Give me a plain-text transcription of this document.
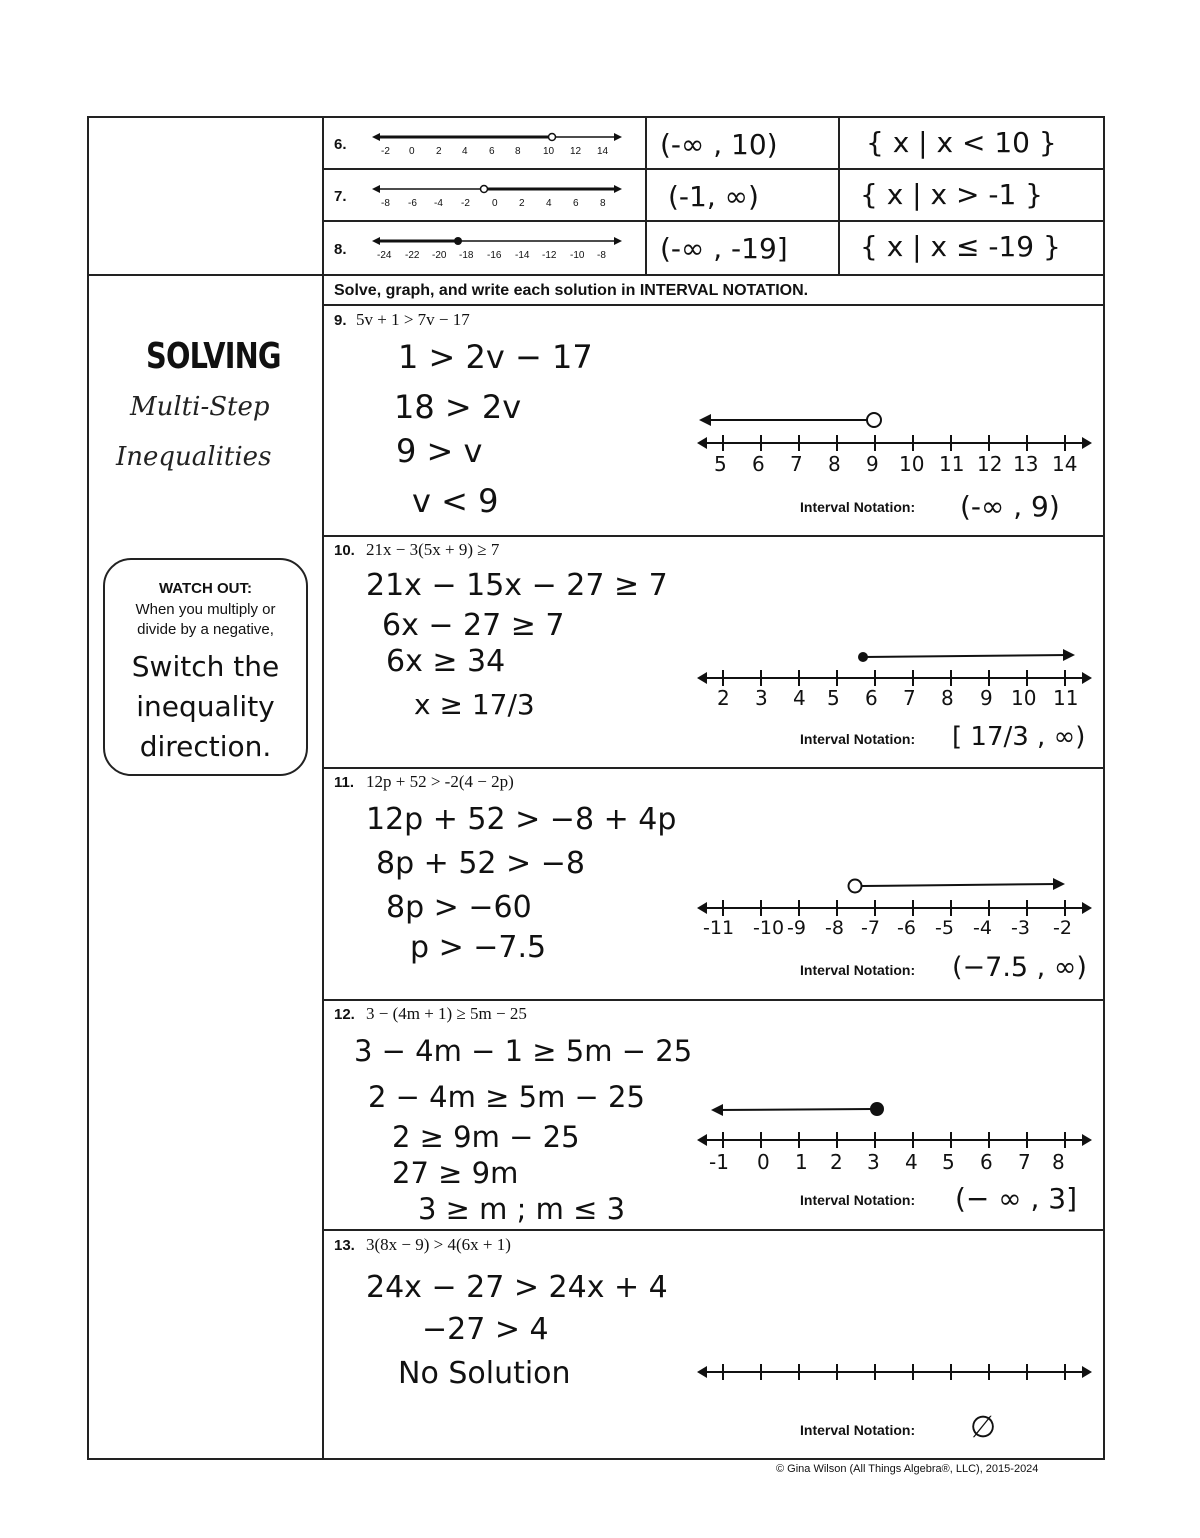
6.	-2 0 2 4 6 8 10 12 14 (-∞ , 10)	{ x | x < 10 }
7.	-8 -6 -4 -2 0 2 4 6 8 (-1, ∞)	{ x | x > -1 }
8.	-24 -22 -20 -18 -16 -14 -12 -10 -8 (-∞ , -19]	{ x | x ≤ -19 }
SOLVING
Multi-Step
Inequalities
WATCH OUT:
When you multiply or
divide by a negative,
Switch the
inequality
direction.
Solve, graph, and write each solution in INTERVAL NOTATION.
9. 5v + 1 > 7v − 17
1 > 2v − 17
18 > 2v
9 > v
v < 9
5 6 7 8 9 10 11 12 13 14
Interval Notation: (-∞ , 9)
10. 21x − 3(5x + 9) ≥ 7
21x − 15x − 27 ≥ 7
6x − 27 ≥ 7
6x ≥ 34
x ≥ 17/3	2 3 4 5 6 7 8 9 10 11
Interval Notation: [ 17/3 , ∞)
11. 12p + 52 > -2(4 − 2p)
12p + 52 > −8 + 4p
8p + 52 > −8
8p > −60
p > −7.5
-11 -10 -9 -8 -7 -6 -5 -4 -3 -2
Interval Notation: (−7.5 , ∞)
12. 3 − (4m + 1) ≥ 5m − 25
3 − 4m − 1 ≥ 5m − 25
2 − 4m ≥ 5m − 25
2 ≥ 9m − 25
27 ≥ 9m
3 ≥ m ; m ≤ 3
-1 0 1 2 3 4 5 6 7 8
Interval Notation: (− ∞ , 3]
13. 3(8x − 9) > 4(6x + 1)
24x − 27 > 24x + 4
−27 > 4
No Solution
Interval Notation: ∅
© Gina Wilson (All Things Algebra®, LLC), 2015-2024
